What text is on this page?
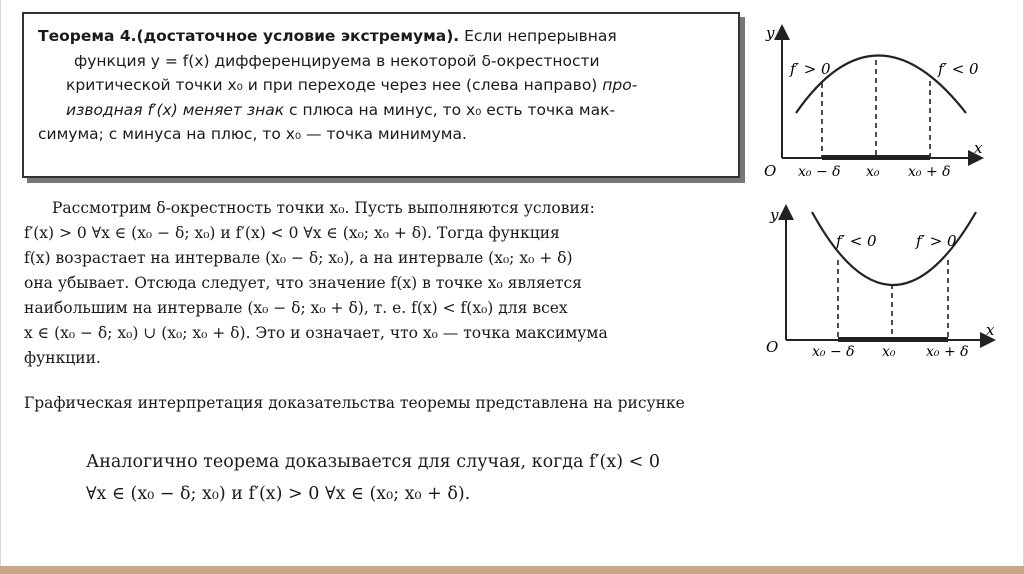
Теорема 4.(достаточное условие экстремума). Если непрерывная
функция y = f(x) дифференцируема в некоторой δ-окрестности
критической точки x₀ и при переходе через нее (слева направо) про-
изводная f′(x) меняет знак с плюса на минус, то x₀ есть точка мак-
симума; с минуса на плюс, то x₀ — точка минимума.
Рассмотрим δ-окрестность точки x₀. Пусть выполняются условия:
f′(x) > 0 ∀x ∈ (x₀ − δ; x₀) и f′(x) < 0 ∀x ∈ (x₀; x₀ + δ). Тогда функция
f(x) возрастает на интервале (x₀ − δ; x₀), а на интервале (x₀; x₀ + δ)
она убывает. Отсюда следует, что значение f(x) в точке x₀ является
наибольшим на интервале (x₀ − δ; x₀ + δ), т. е. f(x) < f(x₀) для всех
x ∈ (x₀ − δ; x₀) ∪ (x₀; x₀ + δ). Это и означает, что x₀ — точка максимума
функции.
Графическая интерпретация доказательства теоремы представлена на рисунке
Аналогично теорема доказывается для случая, когда f′(x) < 0
∀x ∈ (x₀ − δ; x₀) и f′(x) > 0 ∀x ∈ (x₀; x₀ + δ).
y
x
O
f′ > 0	f′ < 0
x₀ − δ x₀ x₀ + δ
y
x
O
f′ < 0	f′ > 0
x₀ − δ x₀ x₀ + δ
